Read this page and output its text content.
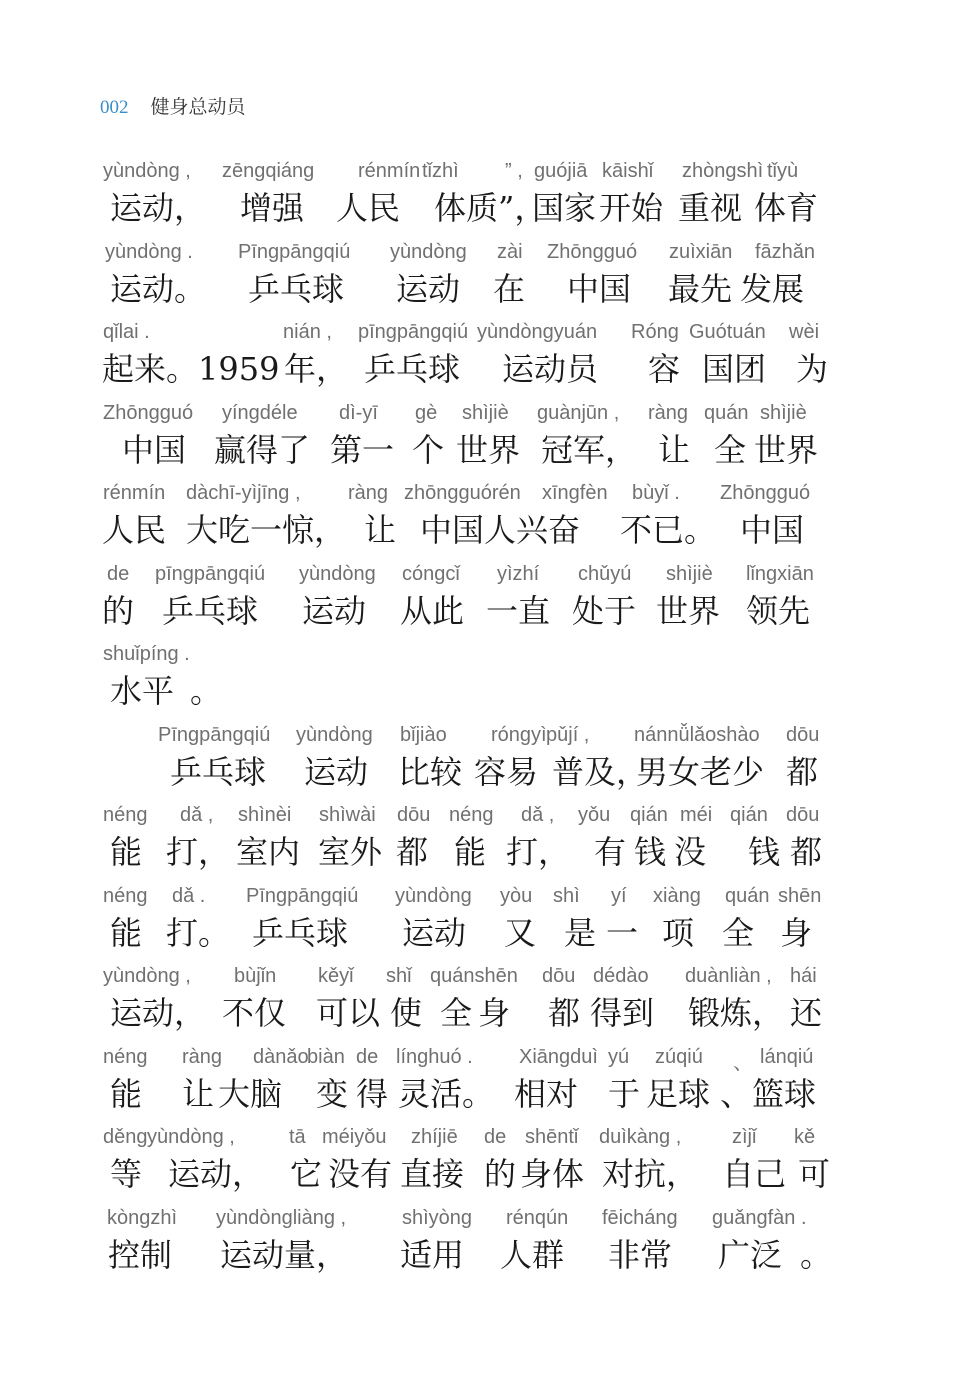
002 健身总动员
yùndòng , zēngqiáng rénmín tǐzhì ” , guójiā kāishǐ zhòngshì tǐyù
运动， 增强 人民 体质”，
国家 开始 重视 体育
yùndòng . Pīngpāngqiú yùndòng zài Zhōngguó zuìxiān fāzhǎn
运动。 乒乓球 运动 在 中国 最先 发展
qǐlai .	nián , pīngpāngqiú yùndòngyuán Róng Guótuán wèi
起来。1959 年， 乒乓球 运动员 容 国团 为
Zhōngguó yíngdéle dì-yī gè shìjiè guànjūn , ràng quán shìjiè
中国 赢得了 第一 个 世界 冠军， 让 全 世界
rénmín dàchī-yìjīng , ràng zhōngguórén xīngfèn bùyǐ . Zhōngguó
人民 大吃一惊， 让 中国人 兴奋 不已。 中国
de pīngpāngqiú yùndòng cóngcǐ yìzhí chǔyú shìjiè lǐngxiān
的 乒乓球 运动 从此 一直 处于 世界 领先
shuǐpíng .
水平 。
Pīngpāngqiú yùndòng bǐjiào róngyì pǔjí , nánnǚlǎoshào dōu
乒乓球 运动 比较 容易 普及，
男女老少 都
néng dǎ , shìnèi shìwài dōu néng dǎ , yǒu qián méi qián dōu
能 打， 室内 室外 都 能 打， 有 钱 没 钱 都
néng dǎ . Pīngpāngqiú yùndòng yòu shì yí xiàng quán shēn
能 打。 乒乓球 运动 又 是 一 项 全 身
yùndòng , bùjǐn kěyǐ shǐ quánshēn dōu dédào duànliàn , hái
运动， 不仅 可以 使 全 身 都 得到 锻炼， 还
néng ràng dànǎo
biàn de línghuó . Xiāngduì yú zúqiú 、 lánqiú
能 让 大脑 变 得 灵活。 相对 于 足球 、篮球
děng yùndòng ,	tā méiyǒu zhíjiē de shēntǐ duìkàng ,	zìjǐ kě
等 运动， 它 没有 直接 的 身体 对抗， 自己 可
kòngzhì yùndòngliàng ,	shìyòng rénqún fēicháng guǎngfàn .
控制 运动量， 适用 人群 非常 广泛 。
